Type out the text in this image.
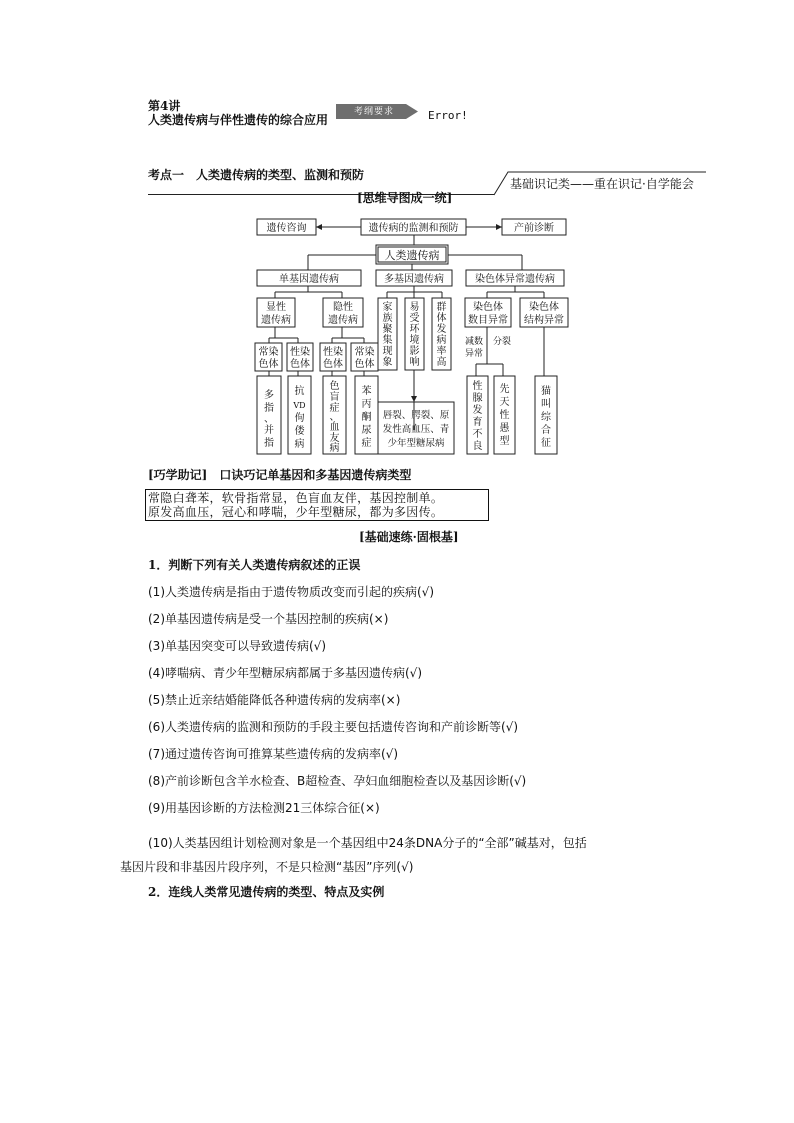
第4讲
人类遗传病与伴性遗传的综合应用
考纲要求	Error!
考点一　人类遗传病的类型、监测和预防
基础识记类——重在识记·自学能会
[思维导图成一统]
遗传咨询	遗传病的监测和预防	产前诊断
人类遗传病
单基因遗传病	多基因遗传病	染色体异常遗传病
显性
遗传病
隐性
遗传病
常染
色体
性染
色体
性染
色体
常染
色体
多
指
、
并
指
抗
VD
佝
偻
病
色
盲
症
、
血
友
病
苯
丙
酮
尿
症
家
族
聚
集
现
象
易
受
环
境
影
响
群
体
发
病
率
高
唇裂、腭裂、原
发性高血压、青
少年型糖尿病
染色体
数目异常
染色体
结构异常
减数
异常
分裂
性
腺
发
育
不
良
先
天
性
愚
型
猫
叫
综
合
征
[巧学助记]　口诀巧记单基因和多基因遗传病类型
常隐白聋苯，软骨指常显，色盲血友伴，基因控制单。
原发高血压，冠心和哮喘，少年型糖尿，都为多因传。
[基础速练·固根基]
1．判断下列有关人类遗传病叙述的正误
(1)人类遗传病是指由于遗传物质改变而引起的疾病(√)
(2)单基因遗传病是受一个基因控制的疾病(×)
(3)单基因突变可以导致遗传病(√)
(4)哮喘病、青少年型糖尿病都属于多基因遗传病(√)
(5)禁止近亲结婚能降低各种遗传病的发病率(×)
(6)人类遗传病的监测和预防的手段主要包括遗传咨询和产前诊断等(√)
(7)通过遗传咨询可推算某些遗传病的发病率(√)
(8)产前诊断包含羊水检查、B超检查、孕妇血细胞检查以及基因诊断(√)
(9)用基因诊断的方法检测21三体综合征(×)
(10)人类基因组计划检测对象是一个基因组中24条DNA分子的“全部”碱基对，包括
基因片段和非基因片段序列，不是只检测“基因”序列(√)
2．连线人类常见遗传病的类型、特点及实例
